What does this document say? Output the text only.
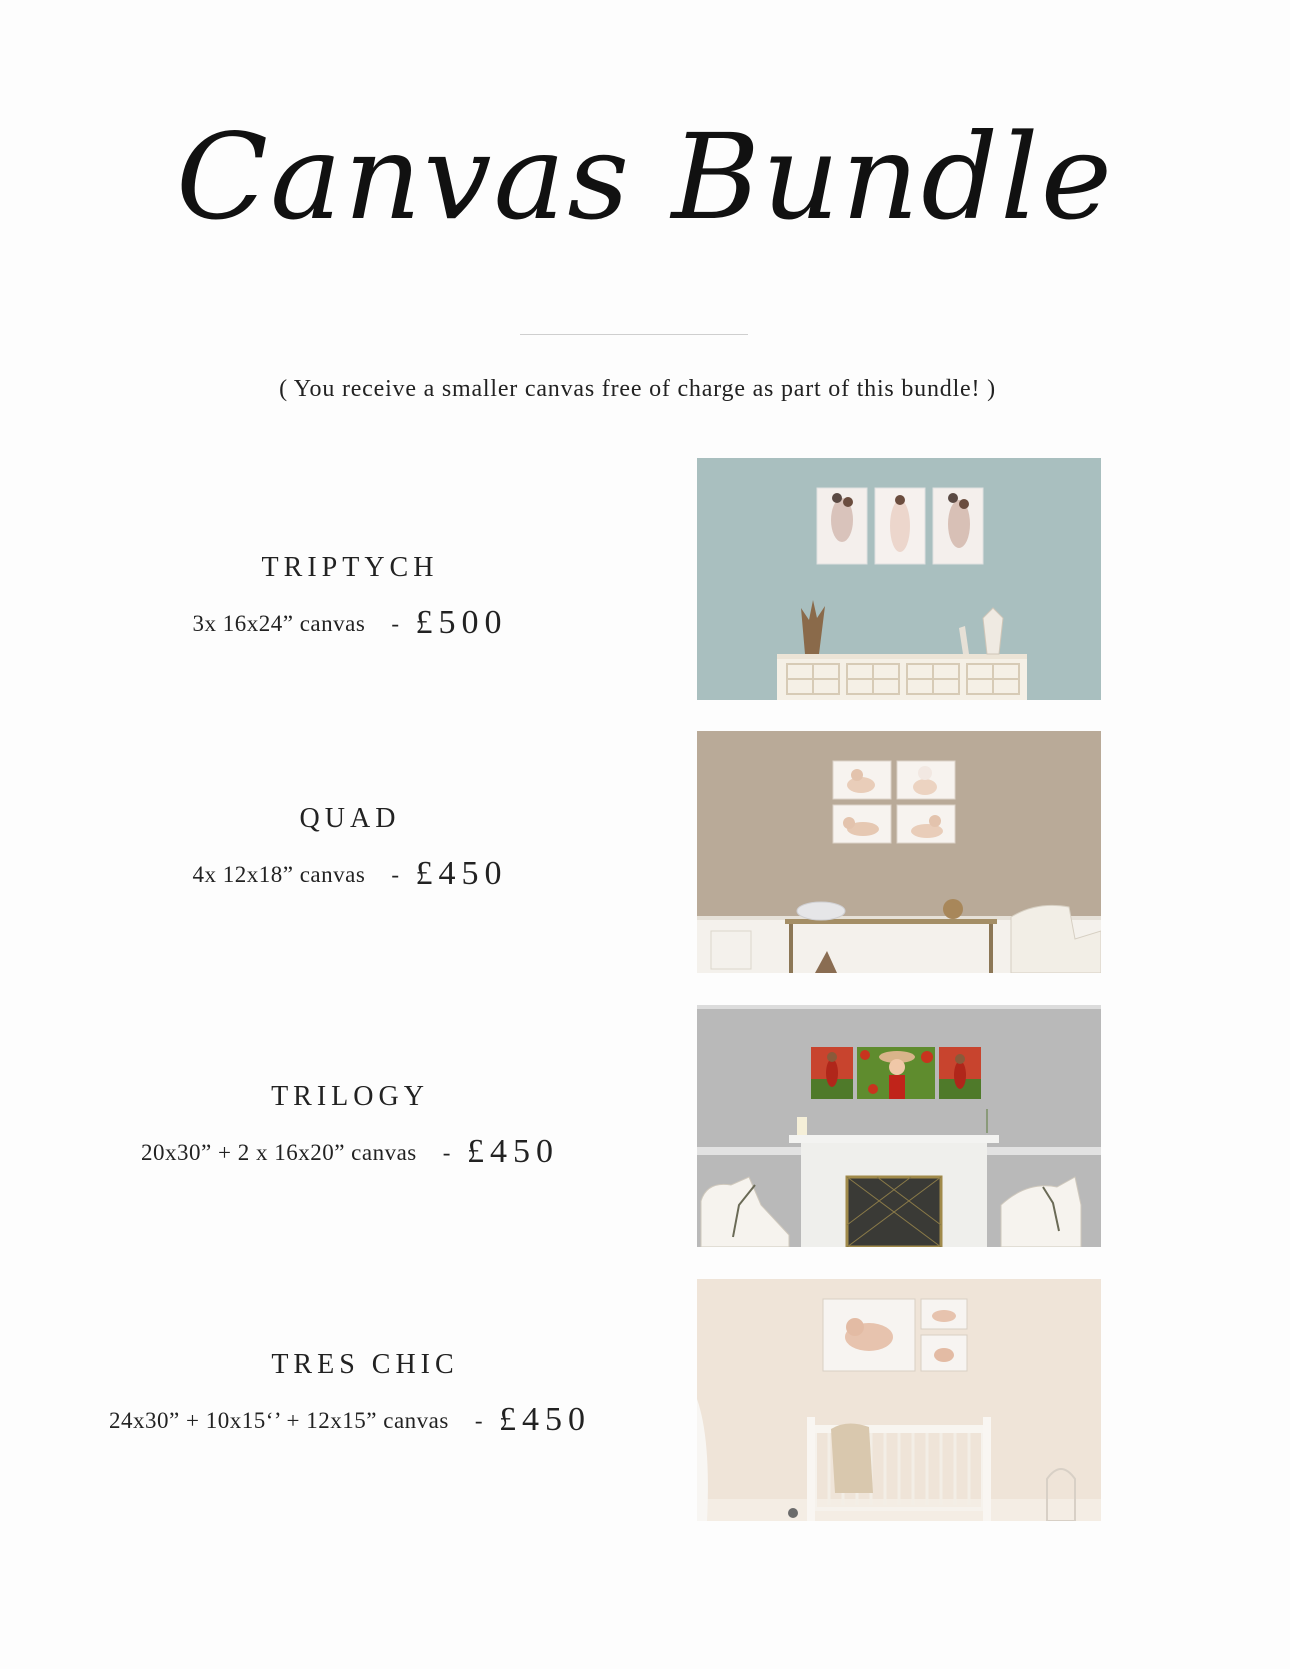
Canvas Bundle
( You receive a smaller canvas free of charge as part of this bundle! )
TRIPTYCH
3x 16x24” canvas - £500
QUAD
4x 12x18” canvas - £450
TRILOGY
20x30” + 2 x 16x20” canvas - £450
TRES CHIC
24x30” + 10x15‘’ + 12x15” canvas - £450
